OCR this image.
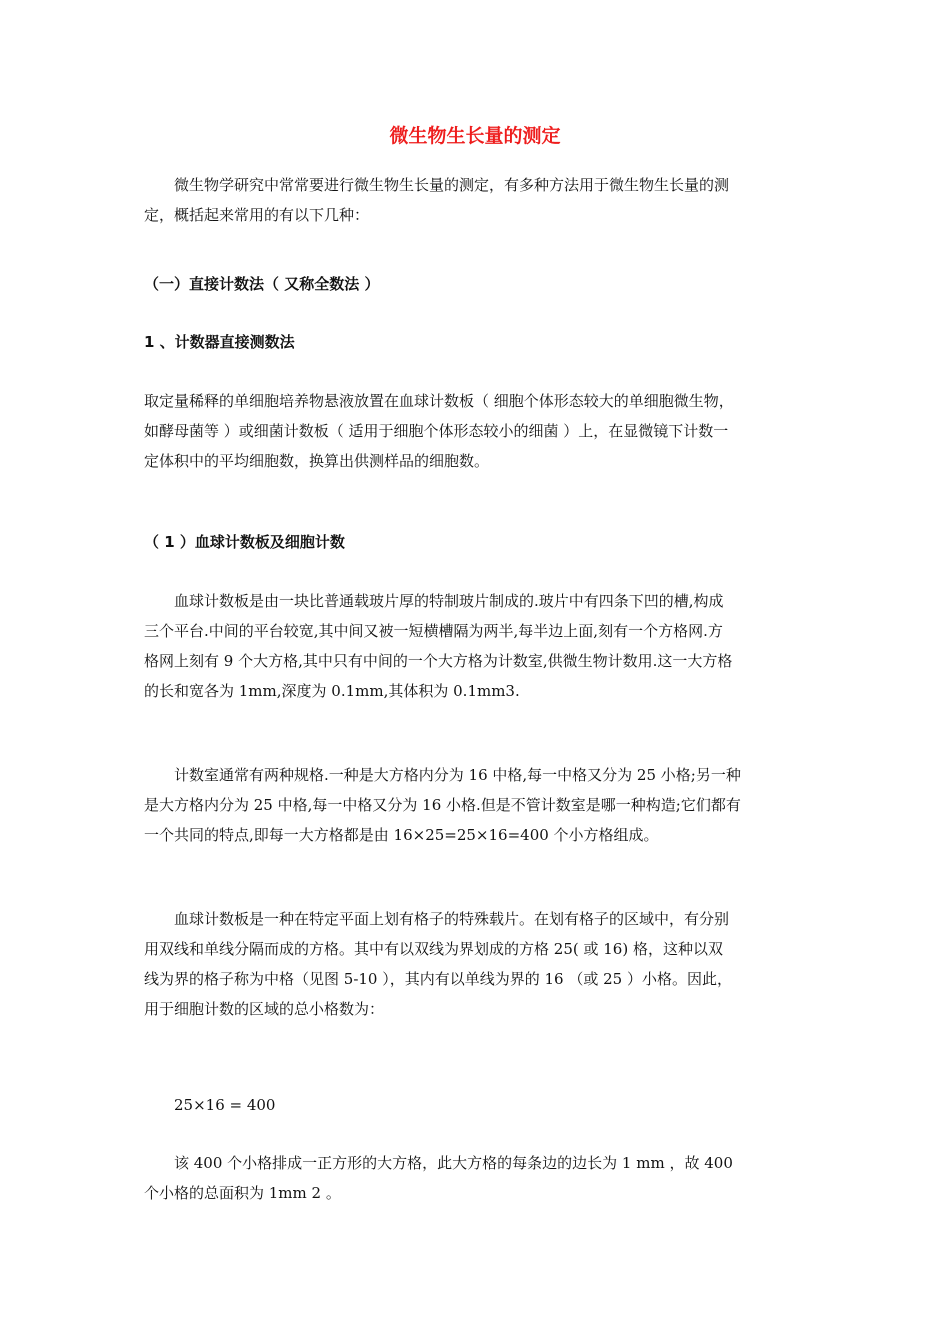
微生物生长量的测定

微生物学研究中常常要进行微生物生长量的测定，有多种方法用于微生物生长量的测
定，概括起来常用的有以下几种：

（一）直接计数法（ 又称全数法 ）
1 、计数器直接测数法

取定量稀释的单细胞培养物悬液放置在血球计数板（ 细胞个体形态较大的单细胞微生物，
如酵母菌等 ）或细菌计数板（ 适用于细胞个体形态较小的细菌 ）上，在显微镜下计数一
定体积中的平均细胞数，换算出供测样品的细胞数。

（ 1 ）血球计数板及细胞计数

血球计数板是由一块比普通载玻片厚的特制玻片制成的.玻片中有四条下凹的槽,构成
三个平台.中间的平台较宽,其中间又被一短横槽隔为两半,每半边上面,刻有一个方格网.方
格网上刻有 9 个大方格,其中只有中间的一个大方格为计数室,供微生物计数用.这一大方格
的长和宽各为 1mm,深度为 0.1mm,其体积为 0.1mm3.

计数室通常有两种规格.一种是大方格内分为 16 中格,每一中格又分为 25 小格;另一种
是大方格内分为 25 中格,每一中格又分为 16 小格.但是不管计数室是哪一种构造;它们都有
一个共同的特点,即每一大方格都是由 16×25=25×16=400 个小方格组成。

血球计数板是一种在特定平面上划有格子的特殊载片。在划有格子的区域中，有分别
用双线和单线分隔而成的方格。其中有以双线为界划成的方格 25( 或 16) 格，这种以双
线为界的格子称为中格（见图 5-10 ），其内有以单线为界的 16 （或 25 ）小格。因此，
用于细胞计数的区域的总小格数为：

25×16 = 400

该 400 个小格排成一正方形的大方格，此大方格的每条边的边长为 1 mm ，故 400
个小格的总面积为 1mm 2 。
